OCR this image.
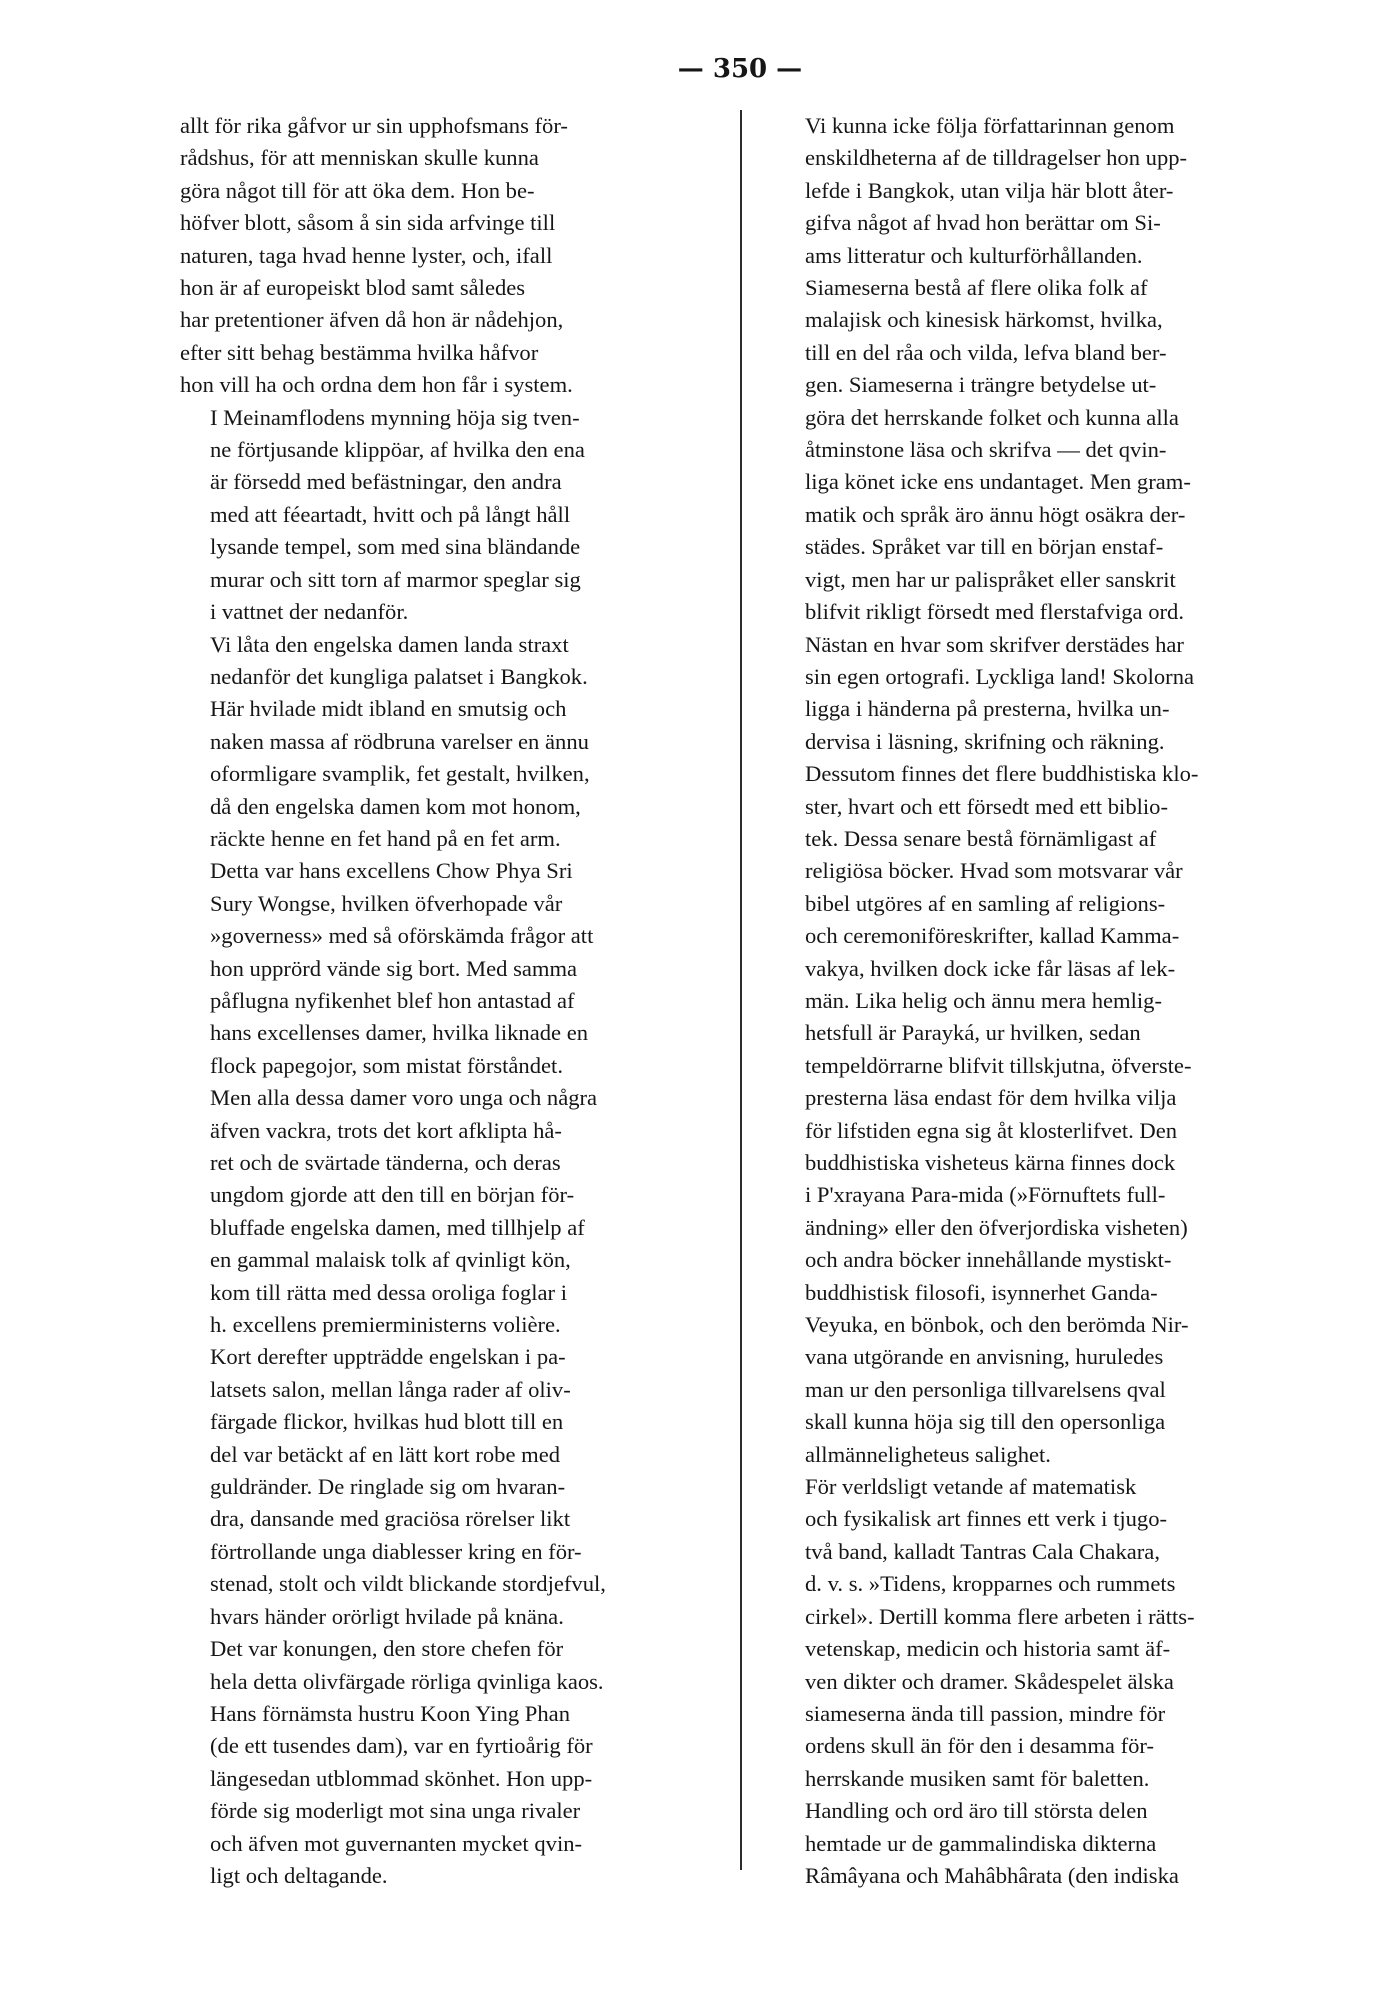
— 350 —
allt för rika gåfvor ur sin upphofsmans för-
rådshus, för att menniskan skulle kunna
göra något till för att öka dem. Hon be-
höfver blott, såsom å sin sida arfvinge till
naturen, taga hvad henne lyster, och, ifall
hon är af europeiskt blod samt således
har pretentioner äfven då hon är nådehjon,
efter sitt behag bestämma hvilka håfvor
hon vill ha och ordna dem hon får i system.
I Meinamflodens mynning höja sig tven-
ne förtjusande klippöar, af hvilka den ena
är försedd med befästningar, den andra
med att féeartadt, hvitt och på långt håll
lysande tempel, som med sina bländande
murar och sitt torn af marmor speglar sig
i vattnet der nedanför.
Vi låta den engelska damen landa straxt
nedanför det kungliga palatset i Bangkok.
Här hvilade midt ibland en smutsig och
naken massa af rödbruna varelser en ännu
oformligare svamplik, fet gestalt, hvilken,
då den engelska damen kom mot honom,
räckte henne en fet hand på en fet arm.
Detta var hans excellens Chow Phya Sri
Sury Wongse, hvilken öfverhopade vår
»governess» med så oförskämda frågor att
hon upprörd vände sig bort. Med samma
påflugna nyfikenhet blef hon antastad af
hans excellenses damer, hvilka liknade en
flock papegojor, som mistat förståndet.
Men alla dessa damer voro unga och några
äfven vackra, trots det kort afklipta hå-
ret och de svärtade tänderna, och deras
ungdom gjorde att den till en början för-
bluffade engelska damen, med tillhjelp af
en gammal malaisk tolk af qvinligt kön,
kom till rätta med dessa oroliga foglar i
h. excellens premierministerns volière.
Kort derefter uppträdde engelskan i pa-
latsets salon, mellan långa rader af oliv-
färgade flickor, hvilkas hud blott till en
del var betäckt af en lätt kort robe med
guldränder. De ringlade sig om hvaran-
dra, dansande med graciösa rörelser likt
förtrollande unga diablesser kring en för-
stenad, stolt och vildt blickande stordjefvul,
hvars händer orörligt hvilade på knäna.
Det var konungen, den store chefen för
hela detta olivfärgade rörliga qvinliga kaos.
Hans förnämsta hustru Koon Ying Phan
(de ett tusendes dam), var en fyrtioårig för
längesedan utblommad skönhet. Hon upp-
förde sig moderligt mot sina unga rivaler
och äfven mot guvernanten mycket qvin-
ligt och deltagande.
Vi kunna icke följa författarinnan genom
enskildheterna af de tilldragelser hon upp-
lefde i Bangkok, utan vilja här blott åter-
gifva något af hvad hon berättar om Si-
ams litteratur och kulturförhållanden.
Siameserna bestå af flere olika folk af
malajisk och kinesisk härkomst, hvilka,
till en del råa och vilda, lefva bland ber-
gen. Siameserna i trängre betydelse ut-
göra det herrskande folket och kunna alla
åtminstone läsa och skrifva — det qvin-
liga könet icke ens undantaget. Men gram-
matik och språk äro ännu högt osäkra der-
städes. Språket var till en början enstaf-
vigt, men har ur palispråket eller sanskrit
blifvit rikligt försedt med flerstafviga ord.
Nästan en hvar som skrifver derstädes har
sin egen ortografi. Lyckliga land! Skolorna
ligga i händerna på presterna, hvilka un-
dervisa i läsning, skrifning och räkning.
Dessutom finnes det flere buddhistiska klo-
ster, hvart och ett försedt med ett biblio-
tek. Dessa senare bestå förnämligast af
religiösa böcker. Hvad som motsvarar vår
bibel utgöres af en samling af religions-
och ceremoniföreskrifter, kallad Kamma-
vakya, hvilken dock icke får läsas af lek-
män. Lika helig och ännu mera hemlig-
hetsfull är Parayká, ur hvilken, sedan
tempeldörrarne blifvit tillskjutna, öfverste-
presterna läsa endast för dem hvilka vilja
för lifstiden egna sig åt klosterlifvet. Den
buddhistiska visheteus kärna finnes dock
i P'xrayana Para-mida (»Förnuftets full-
ändning» eller den öfverjordiska visheten)
och andra böcker innehållande mystiskt-
buddhistisk filosofi, isynnerhet Ganda-
Veyuka, en bönbok, och den berömda Nir-
vana utgörande en anvisning, huruledes
man ur den personliga tillvarelsens qval
skall kunna höja sig till den opersonliga
allmänneligheteus salighet.
För verldsligt vetande af matematisk
och fysikalisk art finnes ett verk i tjugo-
två band, kalladt Tantras Cala Chakara,
d. v. s. »Tidens, kropparnes och rummets
cirkel». Dertill komma flere arbeten i rätts-
vetenskap, medicin och historia samt äf-
ven dikter och dramer. Skådespelet älska
siameserna ända till passion, mindre för
ordens skull än för den i desamma för-
herrskande musiken samt för baletten.
Handling och ord äro till största delen
hemtade ur de gammalindiska dikterna
Râmâyana och Mahâbhârata (den indiska
